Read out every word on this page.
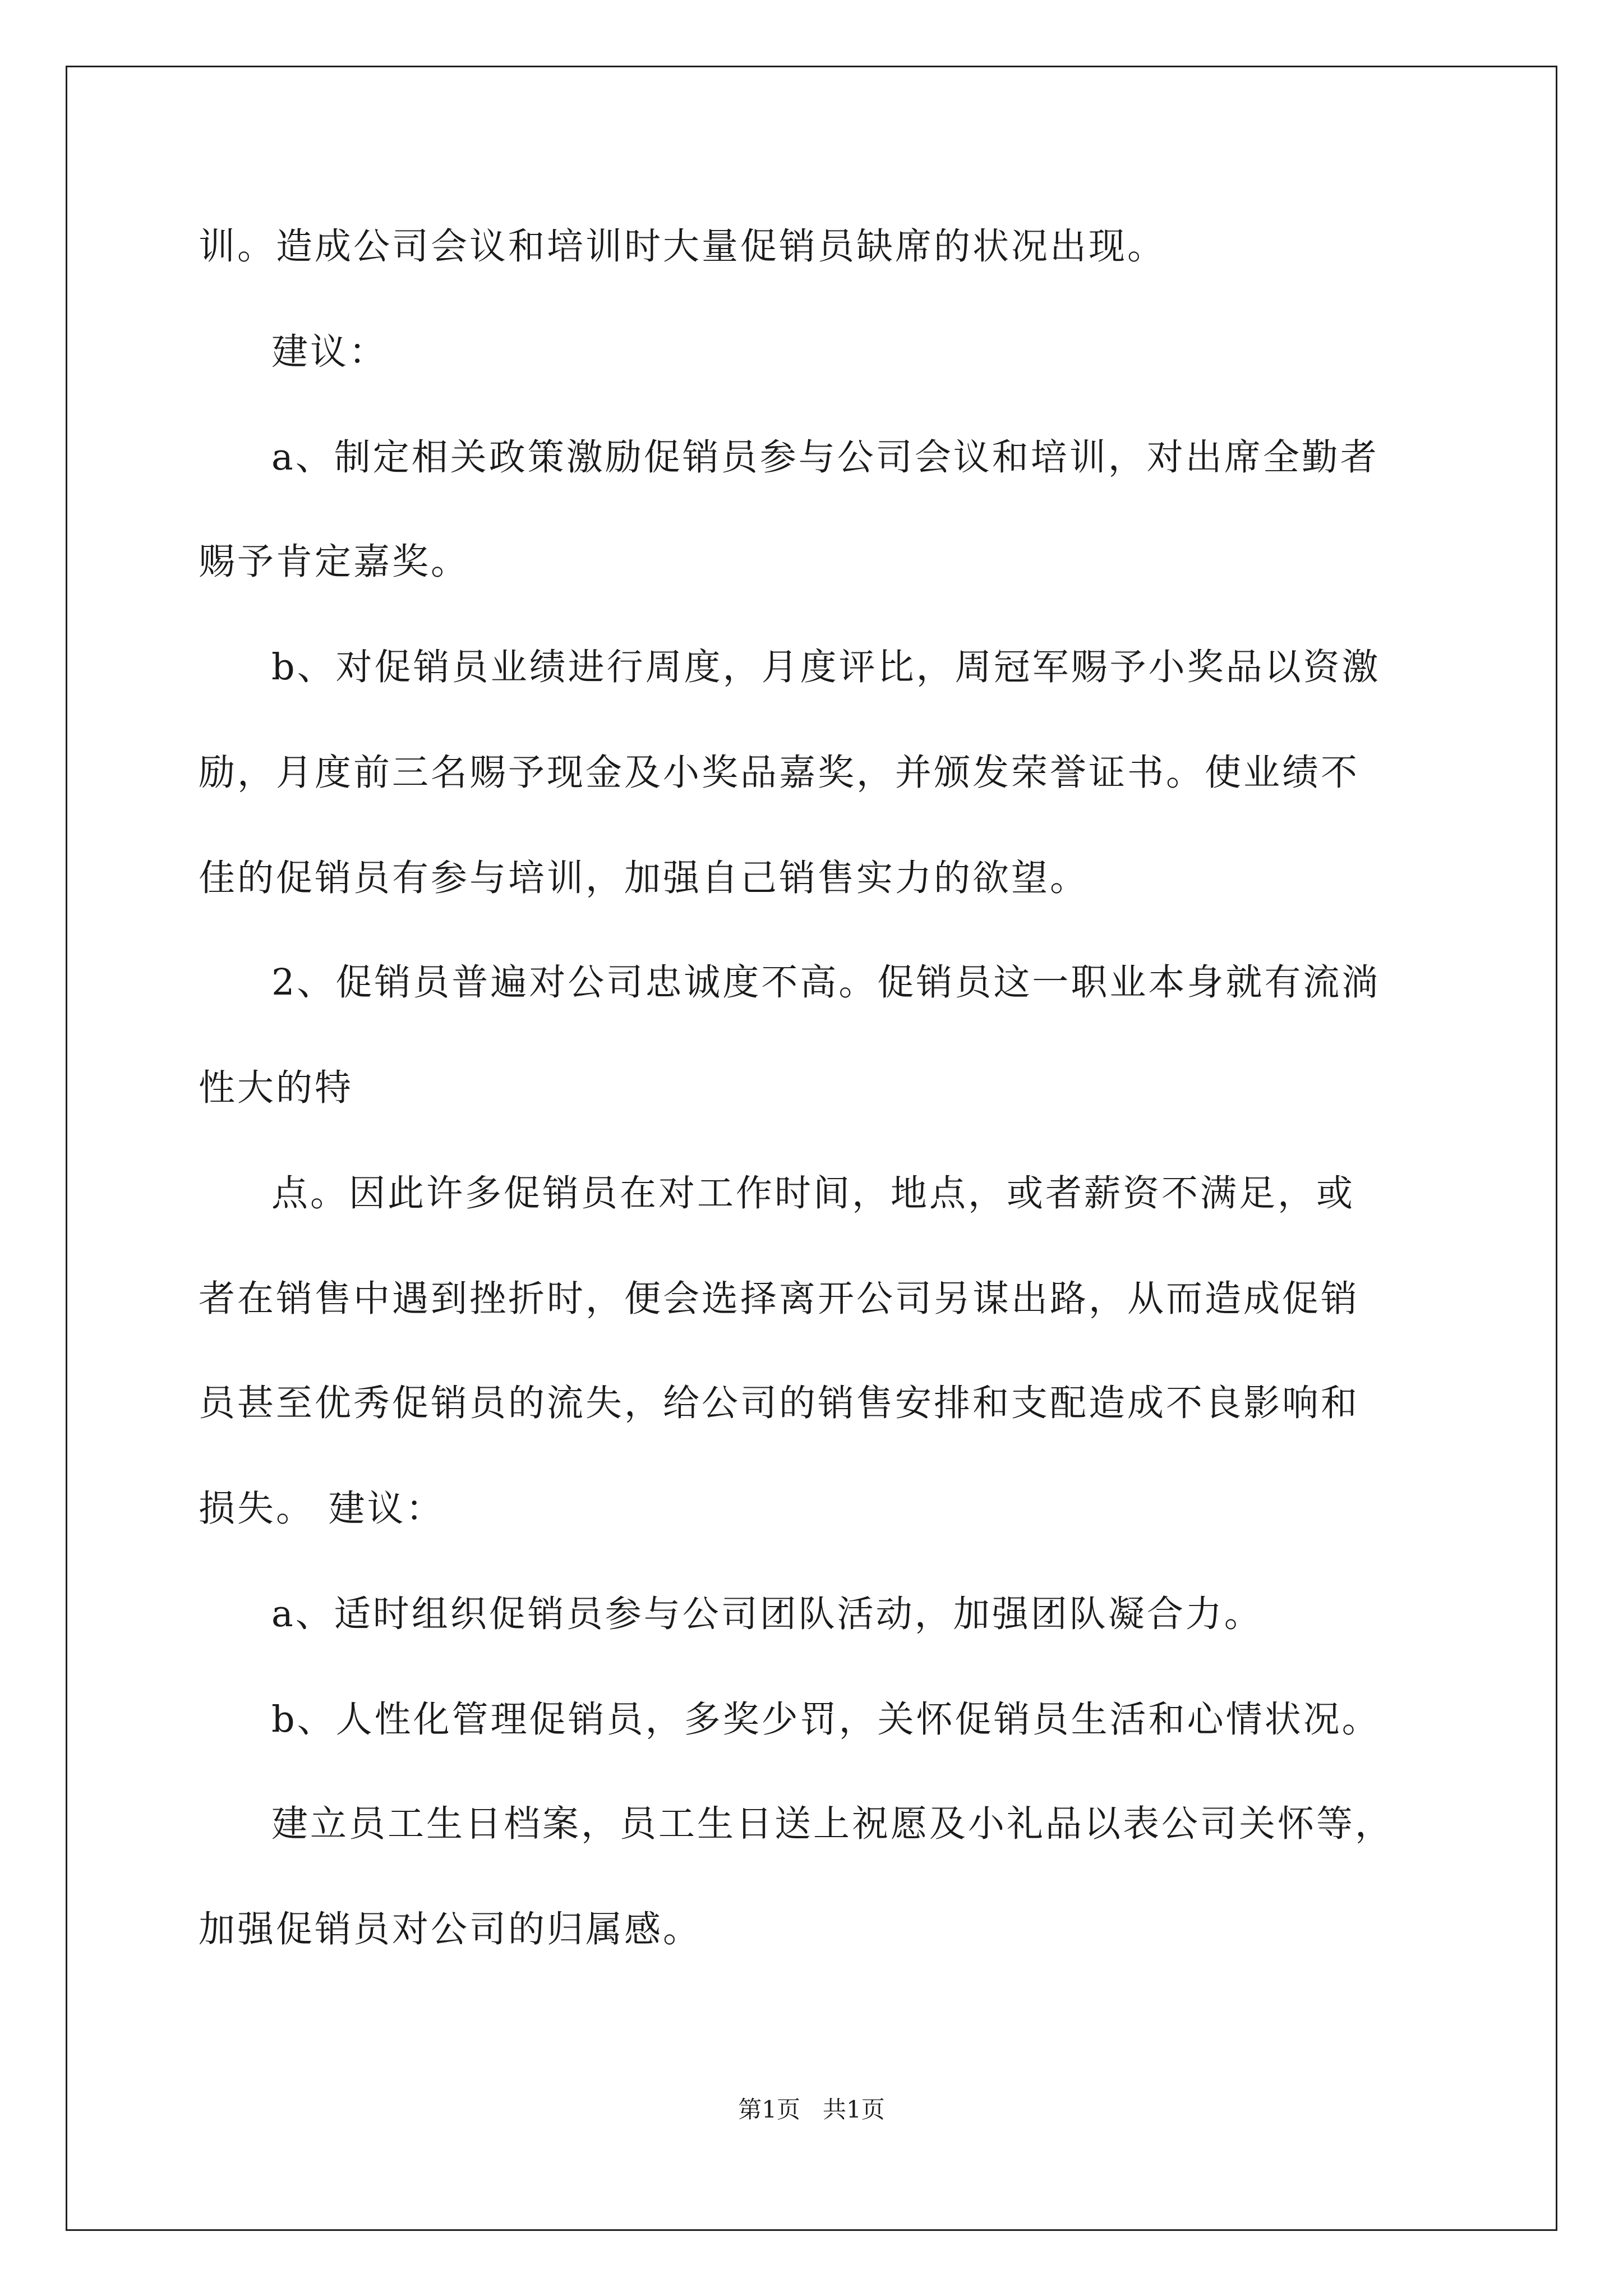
训。造成公司会议和培训时大量促销员缺席的状况出现。
建议：
a、制定相关政策激励促销员参与公司会议和培训，对出席全勤者
赐予肯定嘉奖。
b、对促销员业绩进行周度，月度评比，周冠军赐予小奖品以资激
励，月度前三名赐予现金及小奖品嘉奖，并颁发荣誉证书。使业绩不
佳的促销员有参与培训，加强自己销售实力的欲望。
2、促销员普遍对公司忠诚度不高。促销员这一职业本身就有流淌
性大的特
点。因此许多促销员在对工作时间，地点，或者薪资不满足，或
者在销售中遇到挫折时，便会选择离开公司另谋出路，从而造成促销
员甚至优秀促销员的流失，给公司的销售安排和支配造成不良影响和
损失。 建议：
a、适时组织促销员参与公司团队活动，加强团队凝合力。
b、人性化管理促销员，多奖少罚，关怀促销员生活和心情状况。
建立员工生日档案，员工生日送上祝愿及小礼品以表公司关怀等，
加强促销员对公司的归属感。
第1页   共1页
